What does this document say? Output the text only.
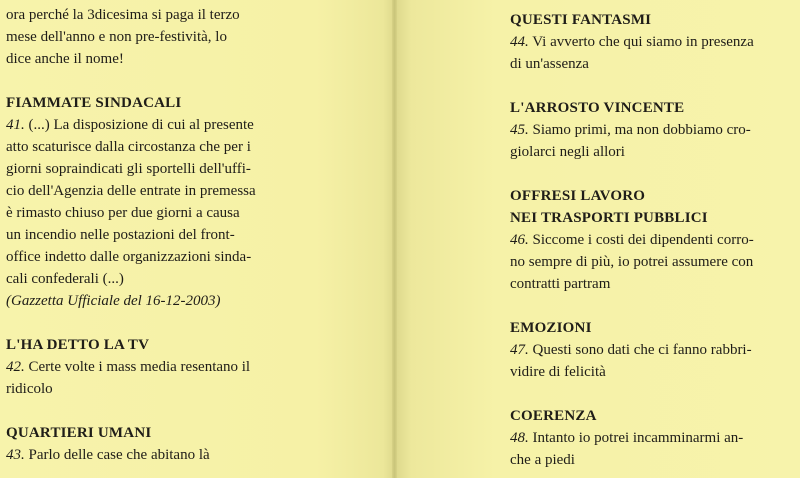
ora perché la 3dicesima si paga il terzo
mese dell'anno e non pre-festività, lo
dice anche il nome!
FIAMMATE SINDACALI
41. (...) La disposizione di cui al presente
atto scaturisce dalla circostanza che per i
giorni sopraindicati gli sportelli dell'uffi-
cio dell'Agenzia delle entrate in premessa
è rimasto chiuso per due giorni a causa
un incendio nelle postazioni del front-
office indetto dalle organizzazioni sinda-
cali confederali (...)
(Gazzetta Ufficiale del 16-12-2003)
L'HA DETTO LA TV
42. Certe volte i mass media resentano il
ridicolo
QUARTIERI UMANI
43. Parlo delle case che abitano là
QUESTI FANTASMI
44. Vi avverto che qui siamo in presenza
di un'assenza
L'ARROSTO VINCENTE
45. Siamo primi, ma non dobbiamo cro-
giolarci negli allori
OFFRESI LAVORO
NEI TRASPORTI PUBBLICI
46. Siccome i costi dei dipendenti corro-
no sempre di più, io potrei assumere con
contratti partram
EMOZIONI
47. Questi sono dati che ci fanno rabbri-
vidire di felicità
COERENZA
48. Intanto io potrei incamminarmi an-
che a piedi
